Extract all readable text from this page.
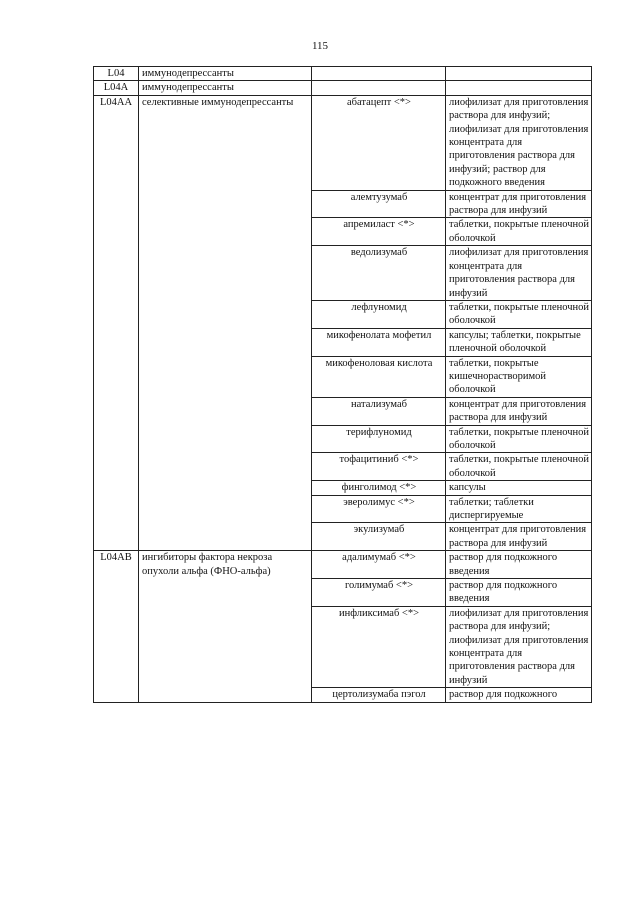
115
L04	иммунодепрессанты		
L04A	иммунодепрессанты		
L04AA	селективные иммунодепрессанты	абатацепт <*>	лиофилизат для приготовления раствора для инфузий; лиофилизат для приготовления концентрата для приготовления раствора для инфузий; раствор для подкожного введения
		алемтузумаб	концентрат для приготовления раствора для инфузий
		апремиласт <*>	таблетки, покрытые пленочной оболочкой
		ведолизумаб	лиофилизат для приготовления концентрата для приготовления раствора для инфузий
		лефлуномид	таблетки, покрытые пленочной оболочкой
		микофенолата мофетил	капсулы; таблетки, покрытые пленочной оболочкой
		микофеноловая кислота	таблетки, покрытые кишечнорастворимой оболочкой
		натализумаб	концентрат для приготовления раствора для инфузий
		терифлуномид	таблетки, покрытые пленочной оболочкой
		тофацитиниб <*>	таблетки, покрытые пленочной оболочкой
		финголимод <*>	капсулы
		эверолимус <*>	таблетки; таблетки диспергируемые
		экулизумаб	концентрат для приготовления раствора для инфузий
L04AB	ингибиторы фактора некроза опухоли альфа (ФНО-альфа)	адалимумаб <*>	раствор для подкожного введения
		голимумаб <*>	раствор для подкожного введения
		инфликсимаб <*>	лиофилизат для приготовления раствора для инфузий; лиофилизат для приготовления концентрата для приготовления раствора для инфузий
		цертолизумаба пэгол	раствор для подкожного
